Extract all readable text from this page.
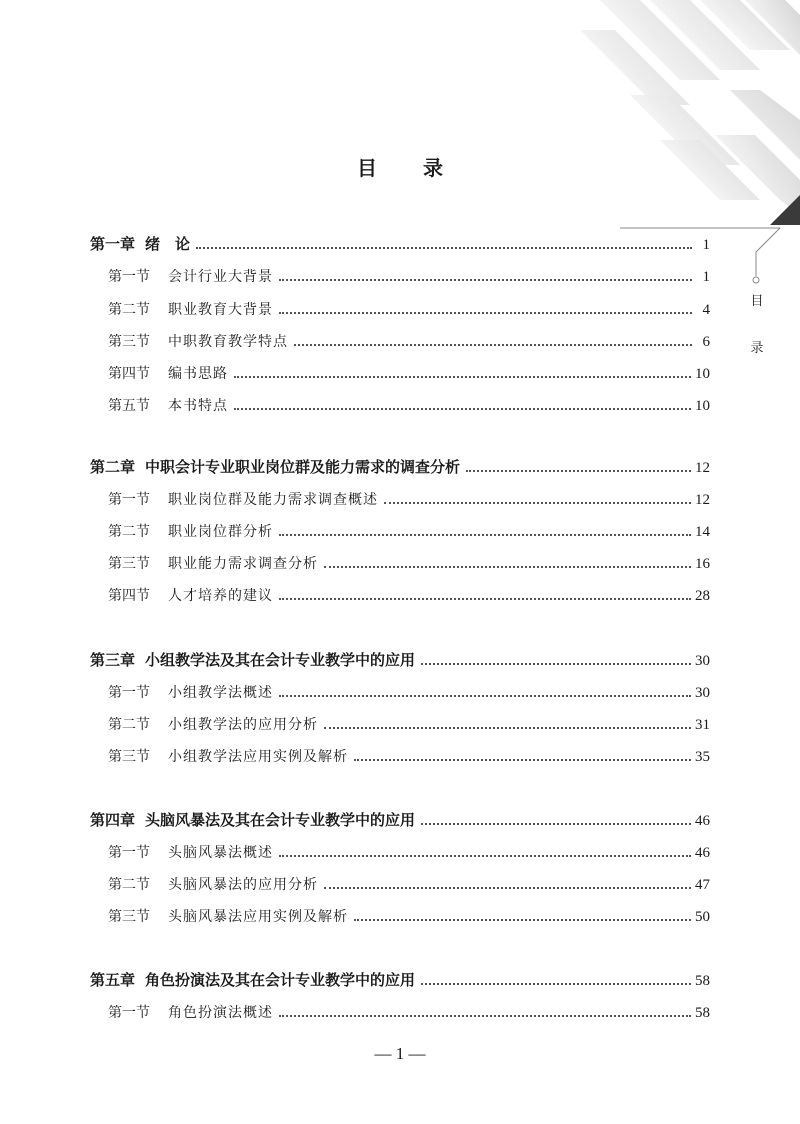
目 录
目
录
第一章 绪　论	1
第一节 会计行业大背景	1
第二节 职业教育大背景	4
第三节 中职教育教学特点	6
第四节 编书思路	10
第五节 本书特点	10
第二章 中职会计专业职业岗位群及能力需求的调查分析	12
第一节 职业岗位群及能力需求调查概述	12
第二节 职业岗位群分析	14
第三节 职业能力需求调查分析	16
第四节 人才培养的建议	28
第三章 小组教学法及其在会计专业教学中的应用	30
第一节 小组教学法概述	30
第二节 小组教学法的应用分析	31
第三节 小组教学法应用实例及解析	35
第四章 头脑风暴法及其在会计专业教学中的应用	46
第一节 头脑风暴法概述	46
第二节 头脑风暴法的应用分析	47
第三节 头脑风暴法应用实例及解析	50
第五章 角色扮演法及其在会计专业教学中的应用	58
第一节 角色扮演法概述	58
— 1 —
